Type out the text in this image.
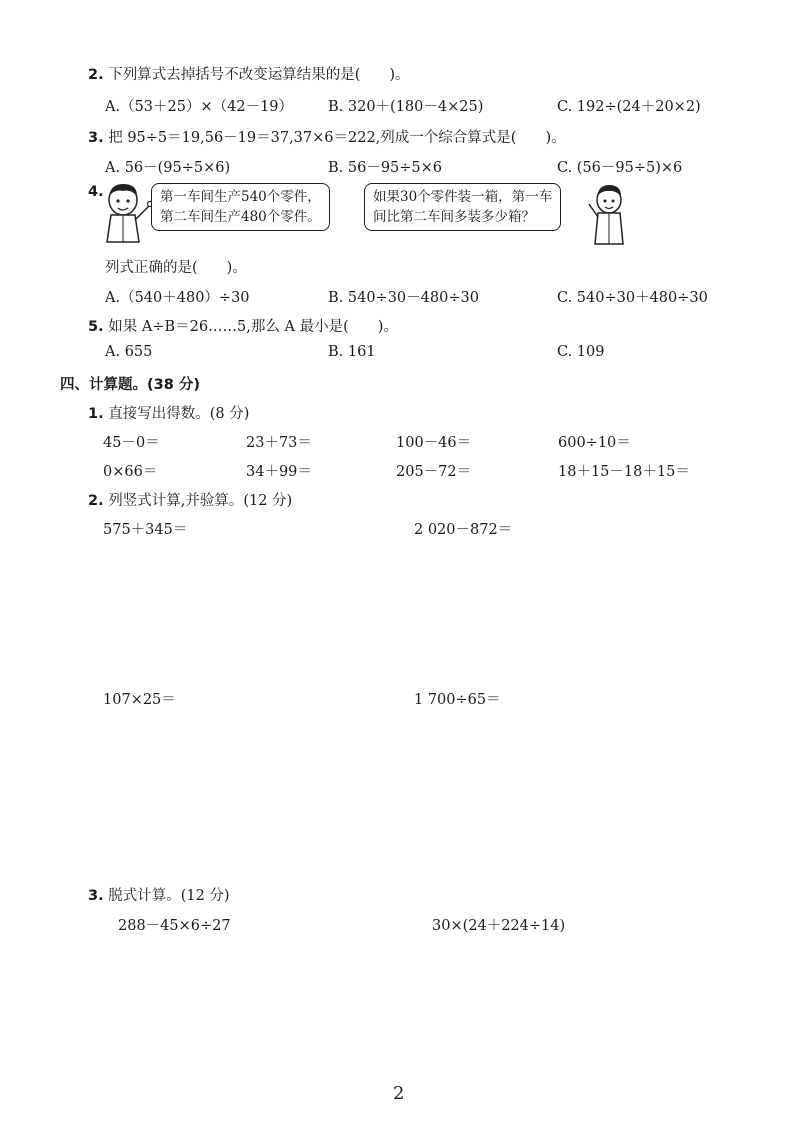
2. 下列算式去掉括号不改变运算结果的是(　　)。
A.（53＋25）×（42－19） B. 320＋(180－4×25)	C. 192÷(24＋20×2)
3. 把 95÷5＝19,56－19＝37,37×6＝222,列成一个综合算式是(　　)。
A. 56－(95÷5×6)	B. 56－95÷5×6	C. (56－95÷5)×6
4.	第一车间生产540个零件，
第二车间生产480个零件。
如果30个零件装一箱，第一车
间比第二车间多装多少箱？
列式正确的是(　　)。
A.（540＋480）÷30	B. 540÷30－480÷30	C. 540÷30＋480÷30
5. 如果 A÷B＝26……5,那么 A 最小是(　　)。
A. 655	B. 161	C. 109
四、计算题。(38 分)
1. 直接写出得数。(8 分)
45－0＝	23＋73＝	100－46＝	600÷10＝
0×66＝	34＋99＝	205－72＝	18＋15－18＋15＝
2. 列竖式计算,并验算。(12 分)
575＋345＝	2 020－872＝
107×25＝	1 700÷65＝
3. 脱式计算。(12 分)
288－45×6÷27	30×(24＋224÷14)
2
